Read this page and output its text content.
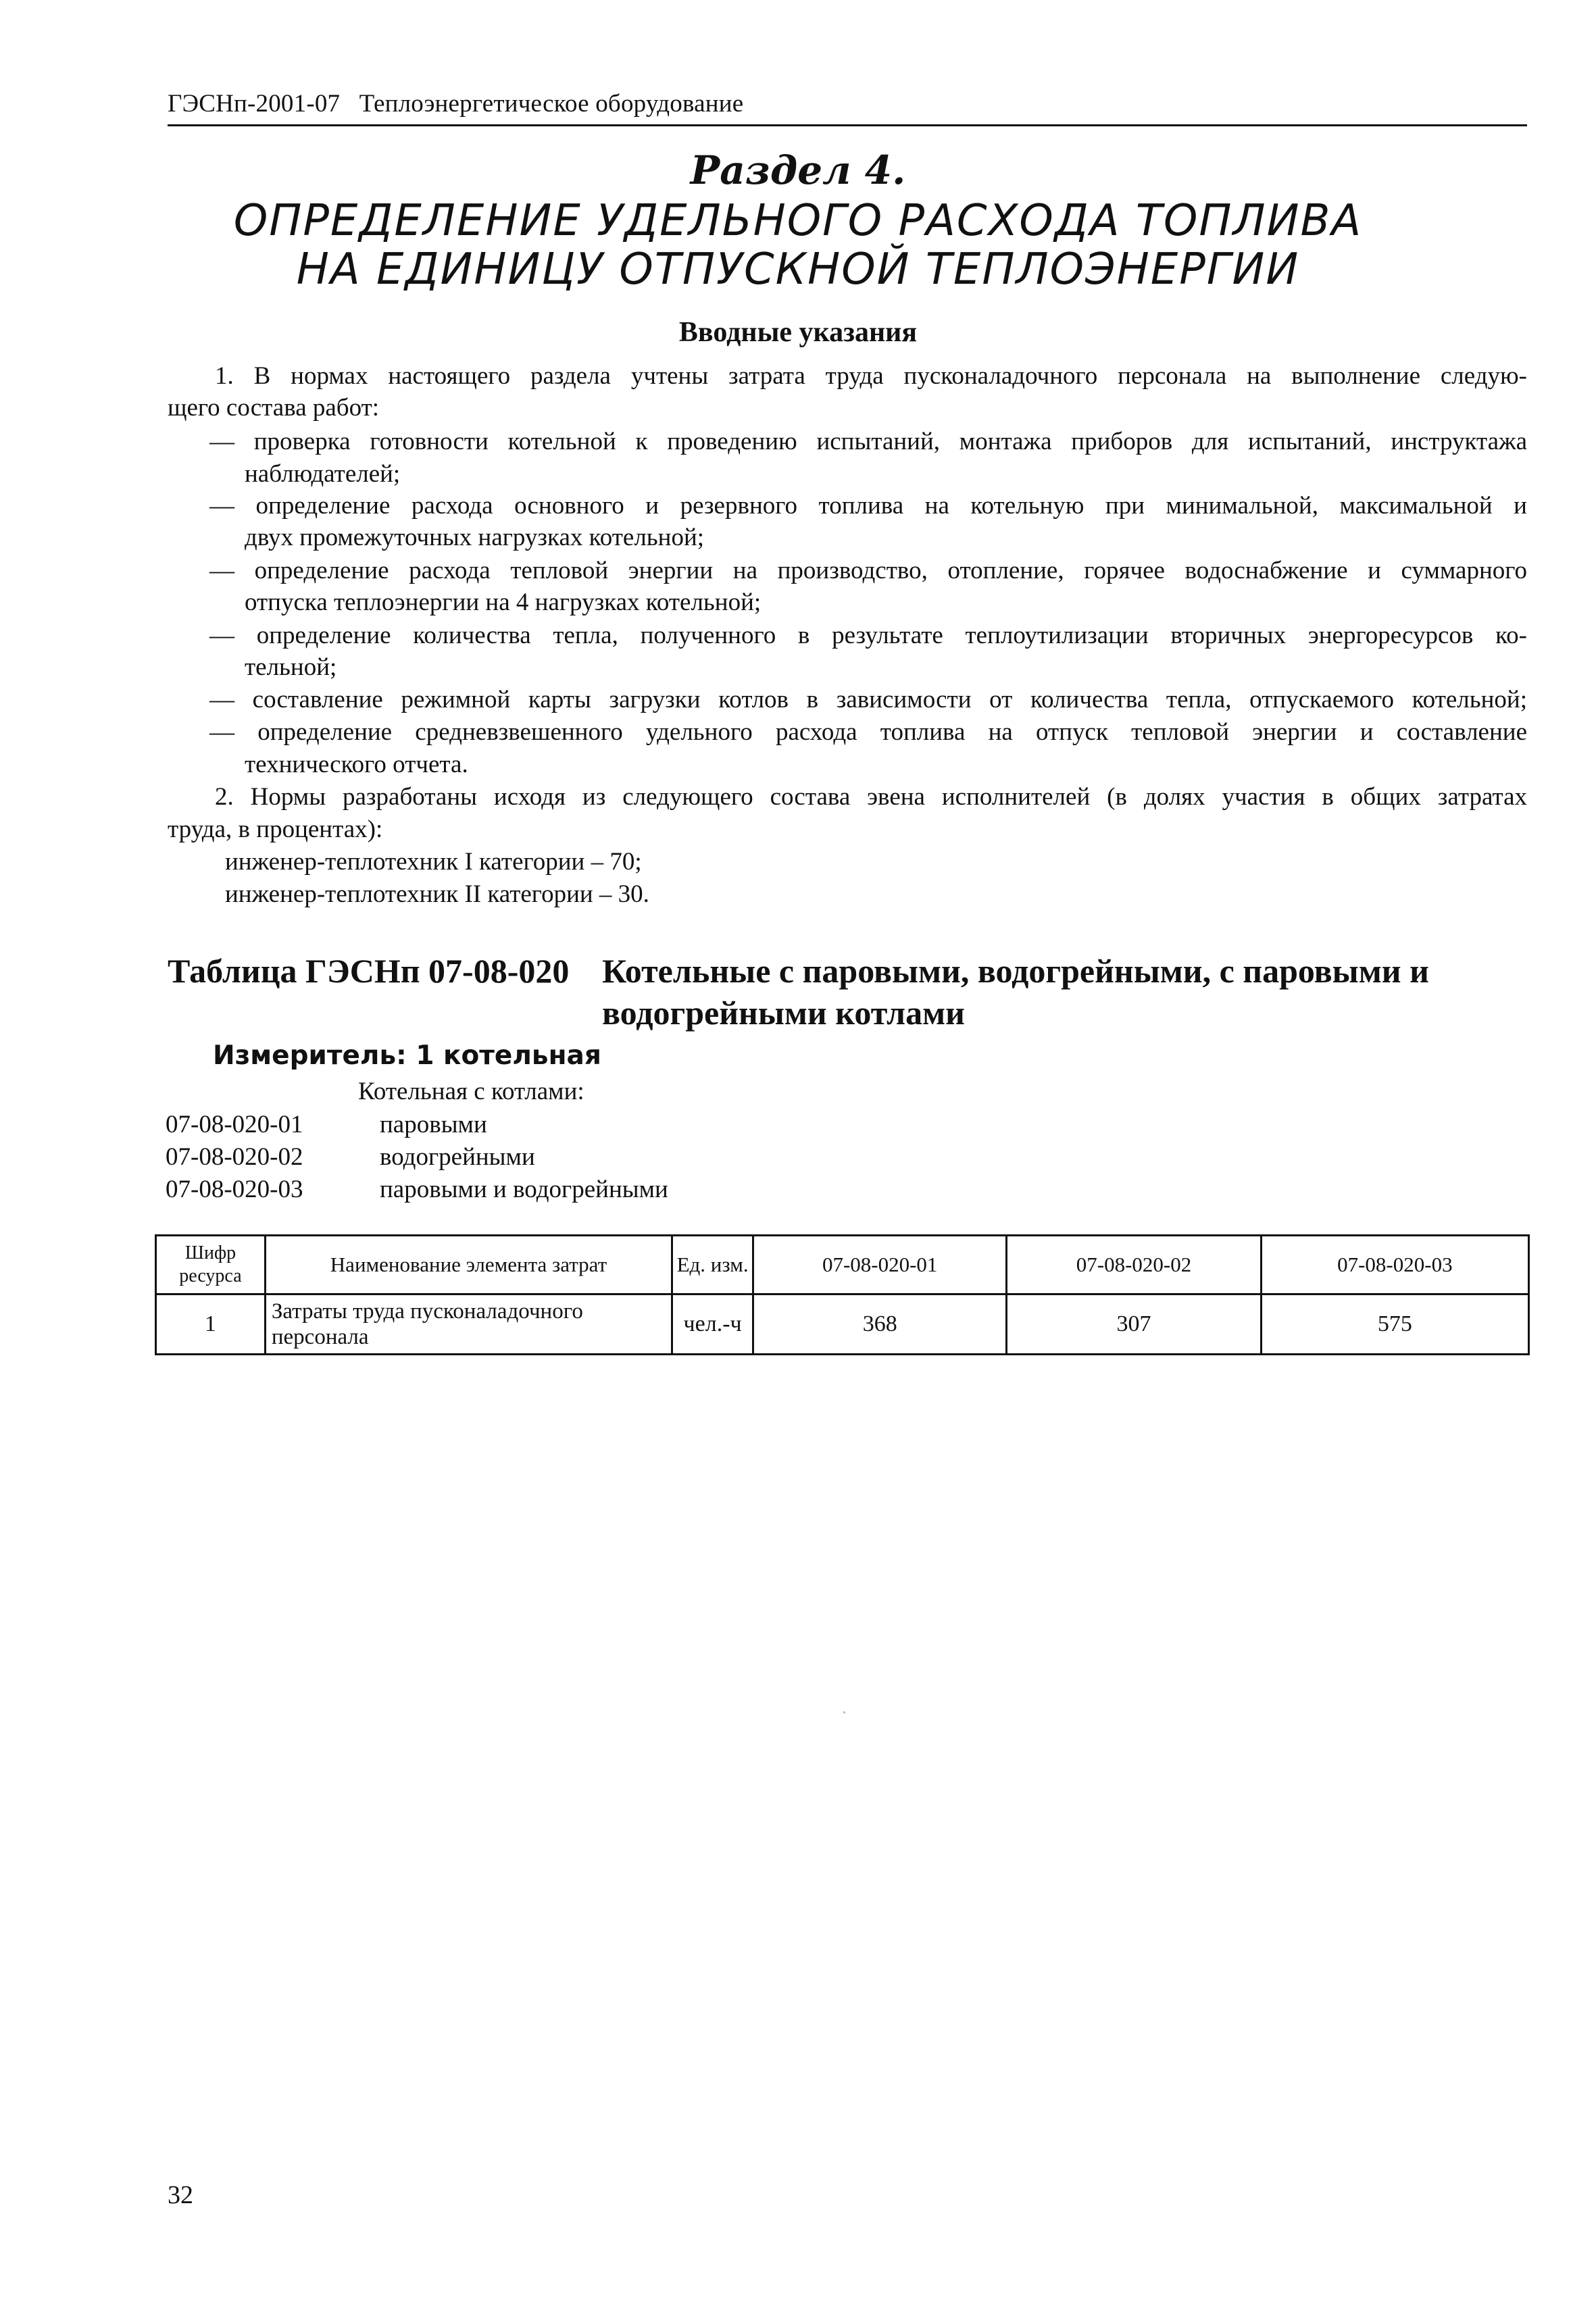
ГЭСНп-2001-07 Теплоэнергетическое оборудование
Раздел 4.
ОПРЕДЕЛЕНИЕ УДЕЛЬНОГО РАСХОДА ТОПЛИВА
НА ЕДИНИЦУ ОТПУСКНОЙ ТЕПЛОЭНЕРГИИ
Вводные указания
1. В нормах настоящего раздела учтены затрата труда пусконаладочного персонала на выполнение следую-
щего состава работ:
— проверка готовности котельной к проведению испытаний, монтажа приборов для испытаний, инструктажа
наблюдателей;
— определение расхода основного и резервного топлива на котельную при минимальной, максимальной и
двух промежуточных нагрузках котельной;
— определение расхода тепловой энергии на производство, отопление, горячее водоснабжение и суммарного
отпуска теплоэнергии на 4 нагрузках котельной;
— определение количества тепла, полученного в результате теплоутилизации вторичных энергоресурсов ко-
тельной;
— составление режимной карты загрузки котлов в зависимости от количества тепла, отпускаемого котельной;
— определение средневзвешенного удельного расхода топлива на отпуск тепловой энергии и составление
технического отчета.
2. Нормы разработаны исходя из следующего состава эвена исполнителей (в долях участия в общих затратах
труда, в процентах):
инженер-теплотехник I категории – 70;
инженер-теплотехник II категории – 30.
Таблица ГЭСНп 07-08-020 Котельные с паровыми, водогрейными, с паровыми и
водогрейными котлами
Измеритель: 1 котельная
Котельная с котлами:
07-08-020-01	паровыми
07-08-020-02	водогрейными
07-08-020-03	паровыми и водогрейными
Шифр
ресурса	Наименование элемента затрат	Ед. изм.	07-08-020-01	07-08-020-02	07-08-020-03
1	Затраты труда пусконаладочного
персонала	чел.-ч	368	307	575
32
